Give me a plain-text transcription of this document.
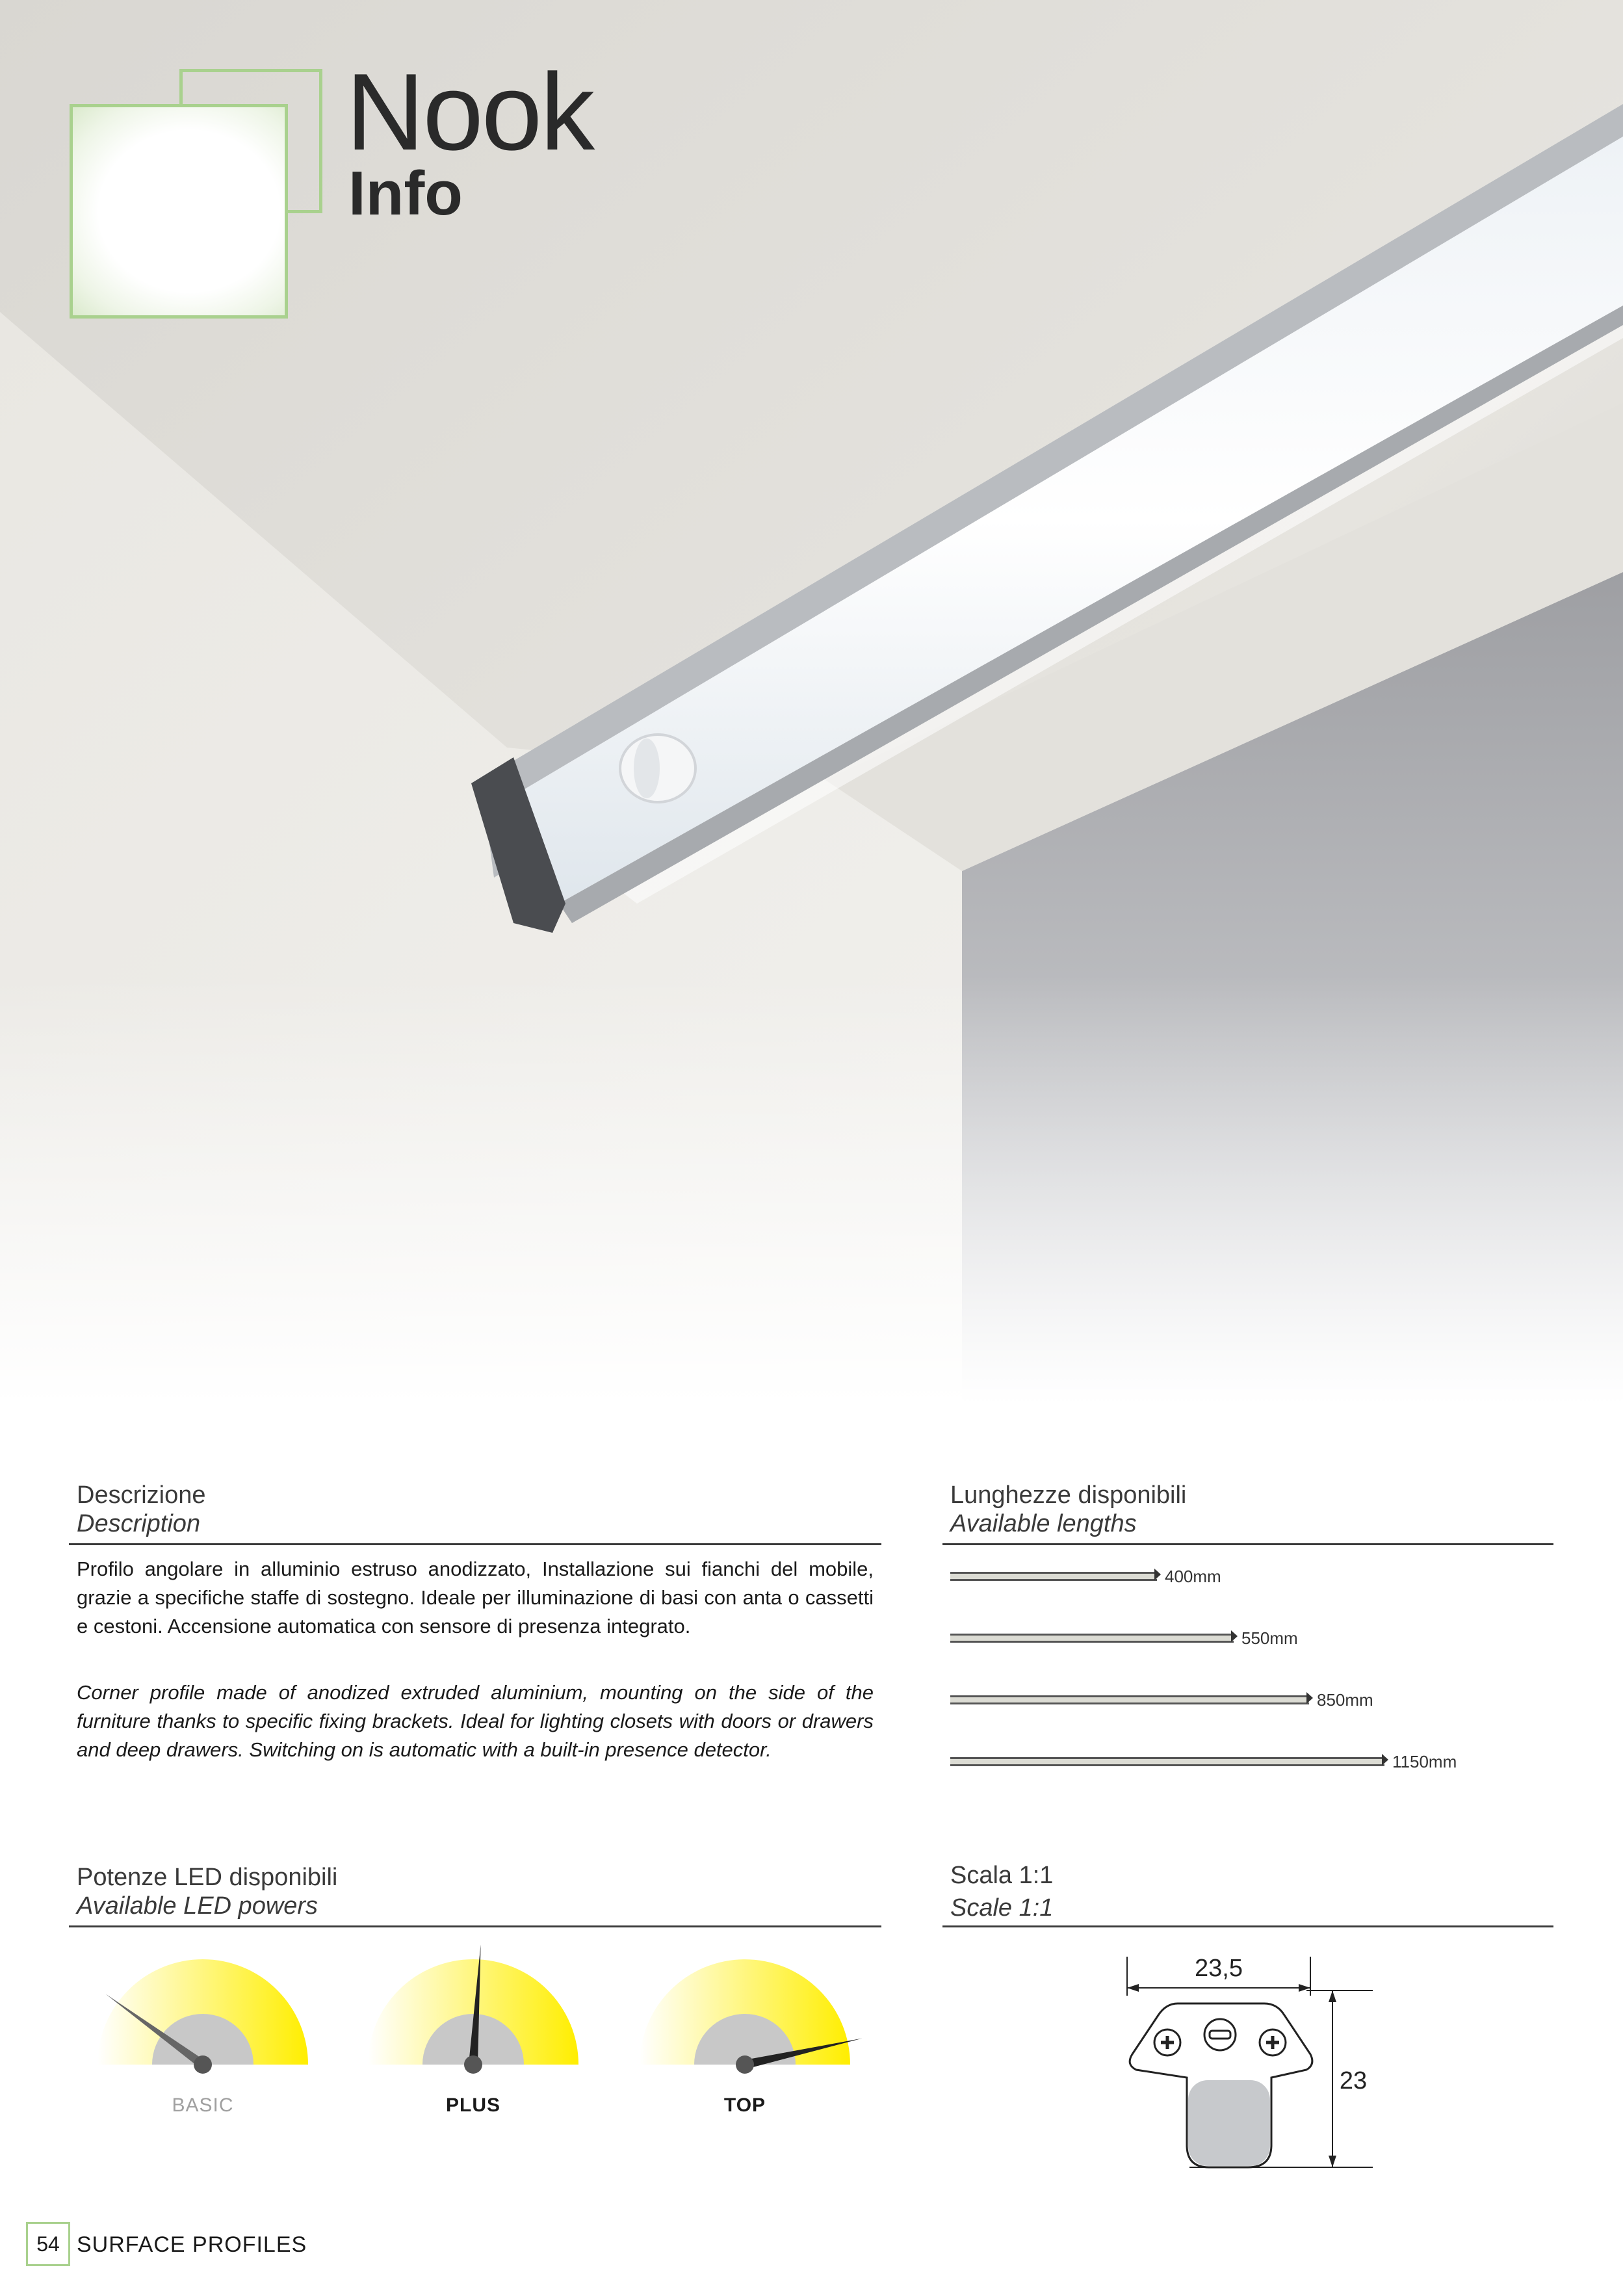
Nook
Info
Descrizione
Description
Profilo angolare in alluminio estruso anodizzato, Installazione sui fianchi del mobile, grazie a specifiche staffe di sostegno. Ideale per illuminazione di basi con anta o cassetti e cestoni. Accensione automatica con sensore di presenza integrato.
Corner profile made of anodized extruded aluminium, mounting on the side of the furniture thanks to specific fixing brackets. Ideal for lighting closets with doors or drawers and deep drawers. Switching on is automatic with a built-in presence detector.
Lunghezze disponibili
Available lengths
400mm
550mm
850mm
1150mm
Potenze LED disponibili
Available LED powers
BASIC	PLUS	TOP
Scala 1:1
Scale 1:1
23,5
23
54 SURFACE PROFILES
